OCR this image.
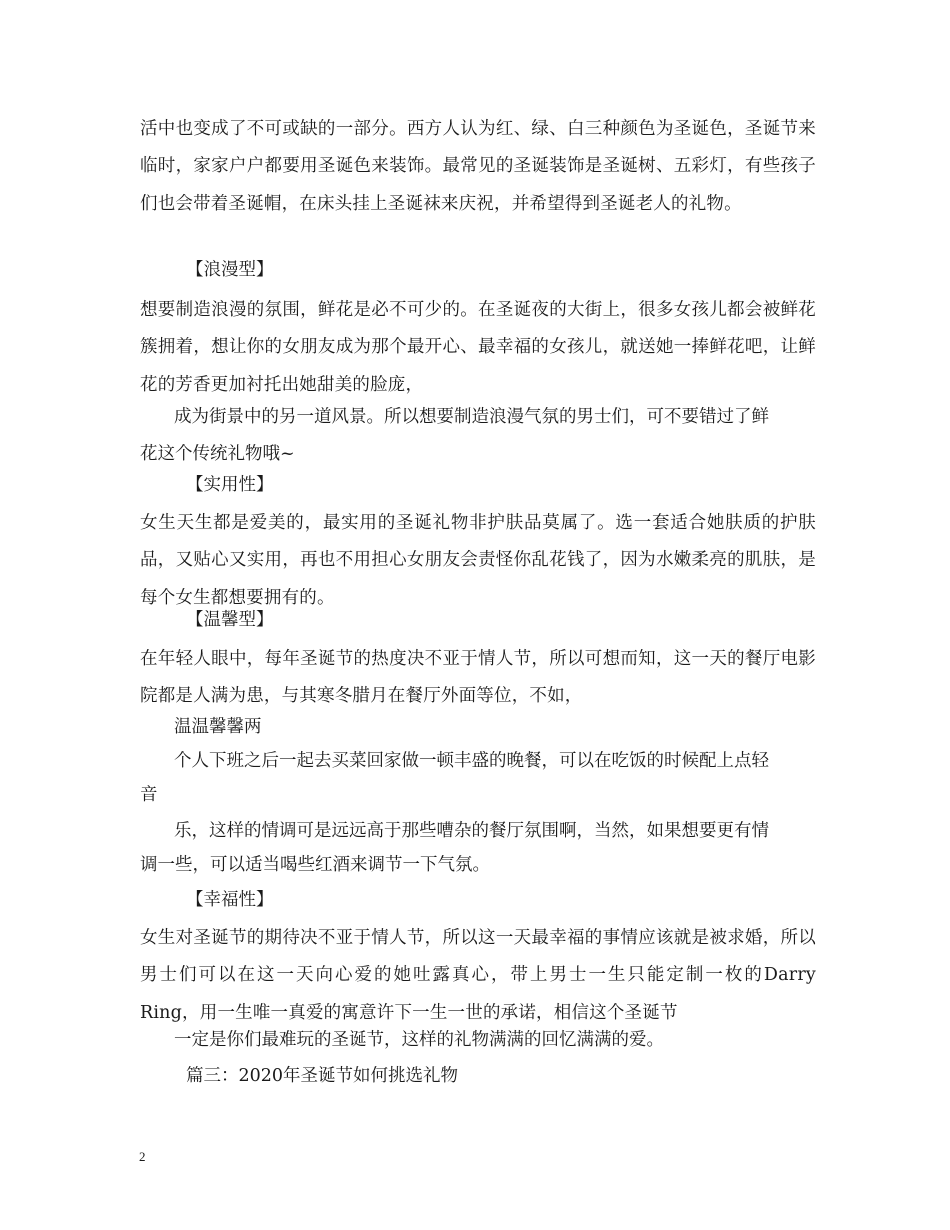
活中也变成了不可或缺的一部分。西方人认为红、绿、白三种颜色为圣诞色，圣诞节来临时，家家户户都要用圣诞色来装饰。最常见的圣诞装饰是圣诞树、五彩灯，有些孩子们也会带着圣诞帽，在床头挂上圣诞袜来庆祝，并希望得到圣诞老人的礼物。

【浪漫型】

想要制造浪漫的氛围，鲜花是必不可少的。在圣诞夜的大街上，很多女孩儿都会被鲜花簇拥着，想让你的女朋友成为那个最开心、最幸福的女孩儿，就送她一捧鲜花吧，让鲜花的芳香更加衬托出她甜美的脸庞，

成为街景中的另一道风景。所以想要制造浪漫气氛的男士们，可不要错过了鲜

花这个传统礼物哦~

【实用性】

女生天生都是爱美的，最实用的圣诞礼物非护肤品莫属了。选一套适合她肤质的护肤品，又贴心又实用，再也不用担心女朋友会责怪你乱花钱了，因为水嫩柔亮的肌肤，是每个女生都想要拥有的。

【温馨型】

在年轻人眼中，每年圣诞节的热度决不亚于情人节，所以可想而知，这一天的餐厅电影院都是人满为患，与其寒冬腊月在餐厅外面等位，不如，

温温馨馨两

个人下班之后一起去买菜回家做一顿丰盛的晚餐，可以在吃饭的时候配上点轻

音

乐，这样的情调可是远远高于那些嘈杂的餐厅氛围啊，当然，如果想要更有情

调一些，可以适当喝些红酒来调节一下气氛。

【幸福性】

女生对圣诞节的期待决不亚于情人节，所以这一天最幸福的事情应该就是被求婚，所以男士们可以在这一天向心爱的她吐露真心，带上男士一生只能定制一枚的Darry Ring，用一生唯一真爱的寓意许下一生一世的承诺，相信这个圣诞节

一定是你们最难玩的圣诞节，这样的礼物满满的回忆满满的爱。

篇三：2020年圣诞节如何挑选礼物

2
